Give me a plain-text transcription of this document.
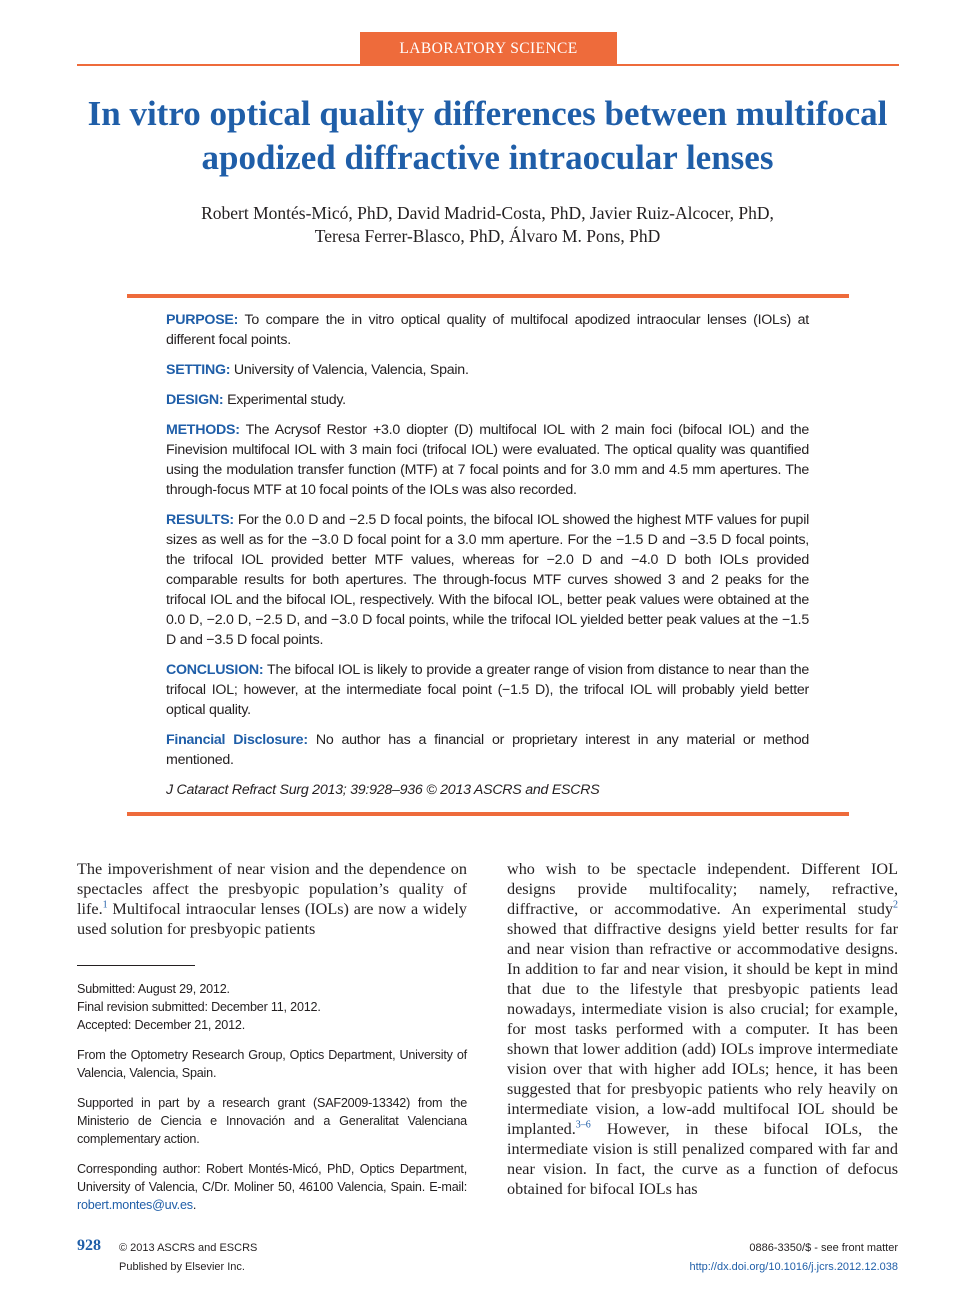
LABORATORY SCIENCE
In vitro optical quality differences between multifocal apodized diffractive intraocular lenses
Robert Montés-Micó, PhD, David Madrid-Costa, PhD, Javier Ruiz-Alcocer, PhD,
Teresa Ferrer-Blasco, PhD, Álvaro M. Pons, PhD

PURPOSE: To compare the in vitro optical quality of multifocal apodized intraocular lenses (IOLs) at different focal points.

SETTING: University of Valencia, Valencia, Spain.

DESIGN: Experimental study.

METHODS: The Acrysof Restor +3.0 diopter (D) multifocal IOL with 2 main foci (bifocal IOL) and the Finevision multifocal IOL with 3 main foci (trifocal IOL) were evaluated. The optical quality was quantified using the modulation transfer function (MTF) at 7 focal points and for 3.0 mm and 4.5 mm apertures. The through-focus MTF at 10 focal points of the IOLs was also recorded.

RESULTS: For the 0.0 D and −2.5 D focal points, the bifocal IOL showed the highest MTF values for pupil sizes as well as for the −3.0 D focal point for a 3.0 mm aperture. For the −1.5 D and −3.5 D focal points, the trifocal IOL provided better MTF values, whereas for −2.0 D and −4.0 D both IOLs provided comparable results for both apertures. The through-focus MTF curves showed 3 and 2 peaks for the trifocal IOL and the bifocal IOL, respectively. With the bifocal IOL, better peak values were obtained at the 0.0 D, −2.0 D, −2.5 D, and −3.0 D focal points, while the trifocal IOL yielded better peak values at the −1.5 D and −3.5 D focal points.

CONCLUSION: The bifocal IOL is likely to provide a greater range of vision from distance to near than the trifocal IOL; however, at the intermediate focal point (−1.5 D), the trifocal IOL will probably yield better optical quality.

Financial Disclosure: No author has a financial or proprietary interest in any material or method mentioned.

J Cataract Refract Surg 2013; 39:928–936 © 2013 ASCRS and ESCRS

The impoverishment of near vision and the dependence on spectacles affect the presbyopic population’s quality of life.$^1$ Multifocal intraocular lenses (IOLs) are now a widely used solution for presbyopic patients

Submitted: August 29, 2012.

Final revision submitted: December 11, 2012.

Accepted: December 21, 2012.

From the Optometry Research Group, Optics Department, University of Valencia, Valencia, Spain.

Supported in part by a research grant (SAF2009-13342) from the Ministerio de Ciencia e Innovación and a Generalitat Valenciana complementary action.

Corresponding author: Robert Montés-Micó, PhD, Optics Department, University of Valencia, C/Dr. Moliner 50, 46100 Valencia, Spain. E-mail: robert.montes@uv.es.

who wish to be spectacle independent. Different IOL designs provide multifocality; namely, refractive, diffractive, or accommodative. An experimental study$^2$ showed that diffractive designs yield better results for far and near vision than refractive or accommodative designs. In addition to far and near vision, it should be kept in mind that due to the lifestyle that presbyopic patients lead nowadays, intermediate vision is also crucial; for example, for most tasks performed with a computer. It has been shown that lower addition (add) IOLs improve intermediate vision over that with higher add IOLs; hence, it has been suggested that for presbyopic patients who rely heavily on intermediate vision, a low-add multifocal IOL should be implanted.$^{3-6}$ However, in these bifocal IOLs, the intermediate vision is still penalized compared with far and near vision. In fact, the curve as a function of defocus obtained for bifocal IOLs has
928 © 2013 ASCRS and ESCRS
Published by Elsevier Inc.
0886-3350/$ - see front matter
http://dx.doi.org/10.1016/j.jcrs.2012.12.038
